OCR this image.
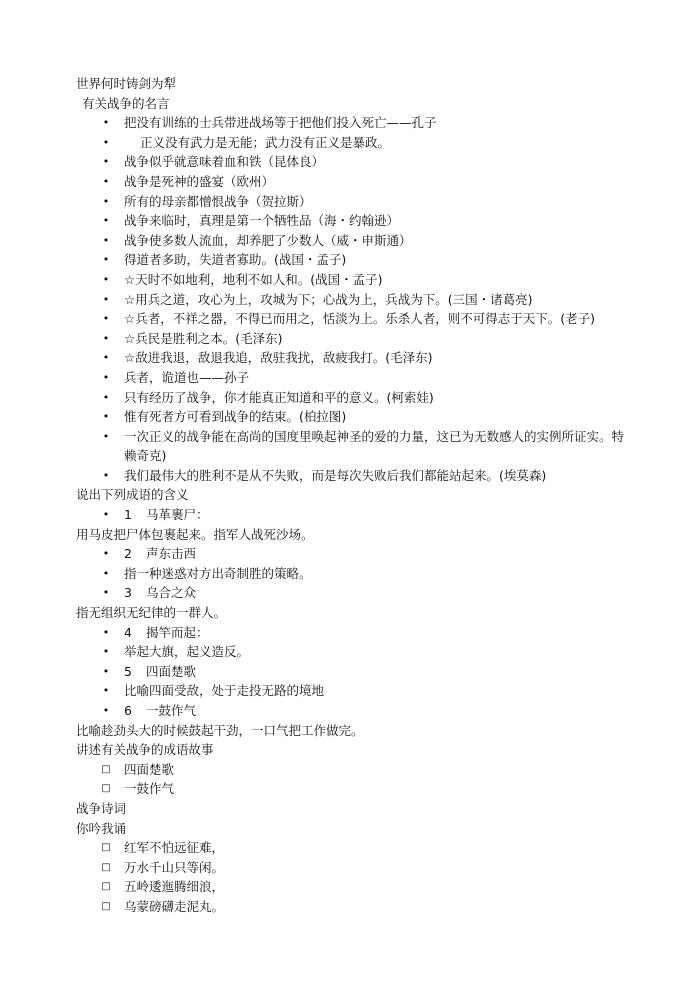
世界何时铸剑为犁
有关战争的名言
• 把没有训练的士兵带进战场等于把他们投入死亡——孔子
• 正义没有武力是无能；武力没有正义是暴政。
• 战争似乎就意味着血和铁（昆体良）
• 战争是死神的盛宴（欧州）
• 所有的母亲都憎恨战争（贺拉斯）
• 战争来临时，真理是第一个牺牲品（海・约翰逊）
• 战争使多数人流血，却养肥了少数人（威・申斯通）
• 得道者多助，失道者寡助。(战国・孟子)
• ☆天时不如地利，地利不如人和。(战国・孟子)
• ☆用兵之道，攻心为上，攻城为下；心战为上，兵战为下。(三国・诸葛亮)
• ☆兵者，不祥之器，不得已而用之，恬淡为上。乐杀人者，则不可得志于天下。(老子)
• ☆兵民是胜利之本。(毛泽东)
• ☆敌进我退，敌退我追，敌驻我扰，敌疲我打。(毛泽东)
• 兵者，诡道也——孙子
• 只有经历了战争，你才能真正知道和平的意义。(柯索娃)
• 惟有死者方可看到战争的结束。(柏拉图)
• 一次正义的战争能在高尚的国度里唤起神圣的爱的力量，这已为无数感人的实例所证实。特赖奇克)
• 我们最伟大的胜利不是从不失败，而是每次失败后我们都能站起来。(埃莫森)
说出下列成语的含义
• 1 马革裹尸：
用马皮把尸体包裹起来。指军人战死沙场。
• 2 声东击西
• 指一种迷惑对方出奇制胜的策略。
• 3 乌合之众
指无组织无纪律的一群人。
• 4 揭竿而起：
• 举起大旗，起义造反。
• 5 四面楚歌
• 比喻四面受敌，处于走投无路的境地
• 6 一鼓作气
比喻趁劲头大的时候鼓起干劲，一口气把工作做完。
讲述有关战争的成语故事
□ 四面楚歌
□ 一鼓作气
战争诗词
你吟我诵
□ 红军不怕远征难，
□ 万水千山只等闲。
□ 五岭逶迤腾细浪，
□ 乌蒙磅礴走泥丸。
